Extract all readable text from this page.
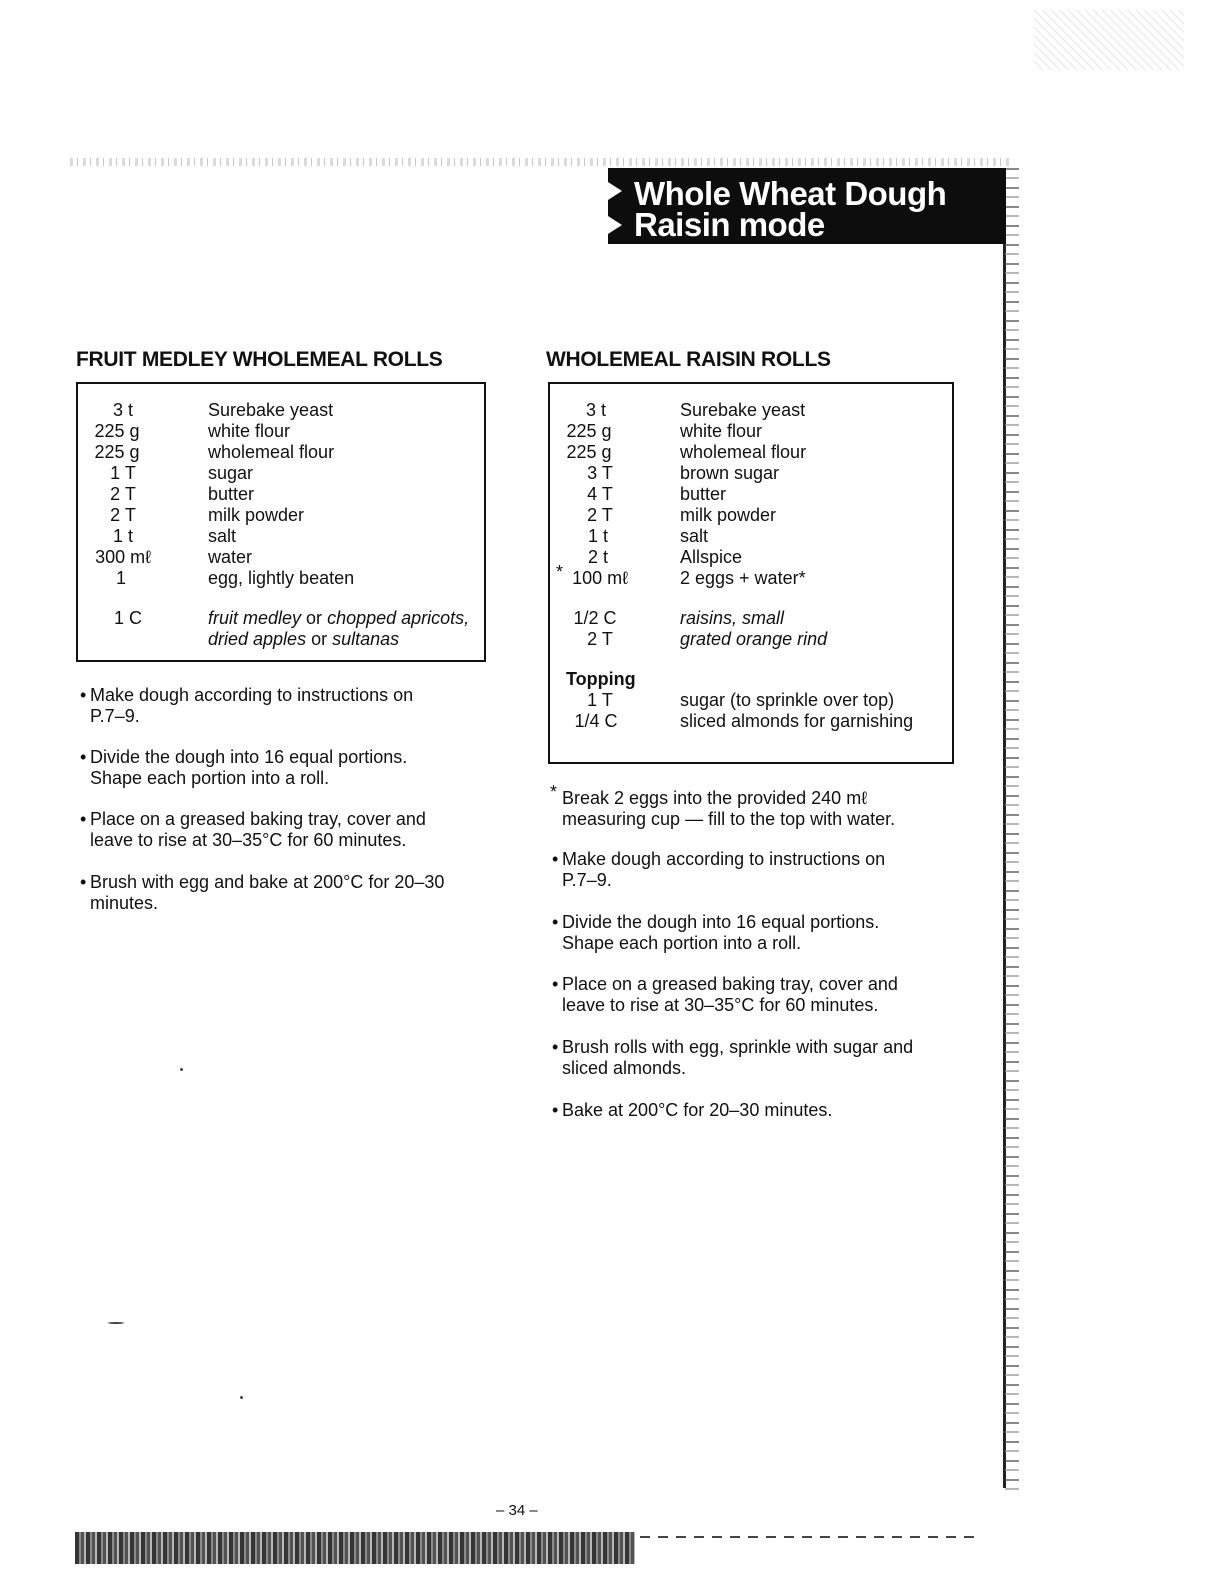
Whole Wheat Dough
Raisin mode
FRUIT MEDLEY WHOLEMEAL ROLLS
3 t	Surebake yeast
225 g	white flour
225 g	wholemeal flour
1 T	sugar
2 T	butter
2 T	milk powder
1 t	salt
300 mℓ	water
1	egg, lightly beaten
1 C	fruit medley or chopped apricots,
dried apples or sultanas
• Make dough according to instructions on
P.7–9.
• Divide the dough into 16 equal portions.
Shape each portion into a roll.
• Place on a greased baking tray, cover and
leave to rise at 30–35°C for 60 minutes.
• Brush with egg and bake at 200°C for 20–30
minutes.
WHOLEMEAL RAISIN ROLLS
3 t	Surebake yeast
225 g	white flour
225 g	wholemeal flour
3 T	brown sugar
4 T	butter
2 T	milk powder
1 t	salt
2 t	Allspice
* 100 mℓ	2 eggs + water*
1/2 C	raisins, small
2 T	grated orange rind
Topping
1 T	sugar (to sprinkle over top)
1/4 C	sliced almonds for garnishing
* Break 2 eggs into the provided 240 mℓ
measuring cup — fill to the top with water.
• Make dough according to instructions on
P.7–9.
• Divide the dough into 16 equal portions.
Shape each portion into a roll.
• Place on a greased baking tray, cover and
leave to rise at 30–35°C for 60 minutes.
• Brush rolls with egg, sprinkle with sugar and
sliced almonds.
• Bake at 200°C for 20–30 minutes.
– 34 –
